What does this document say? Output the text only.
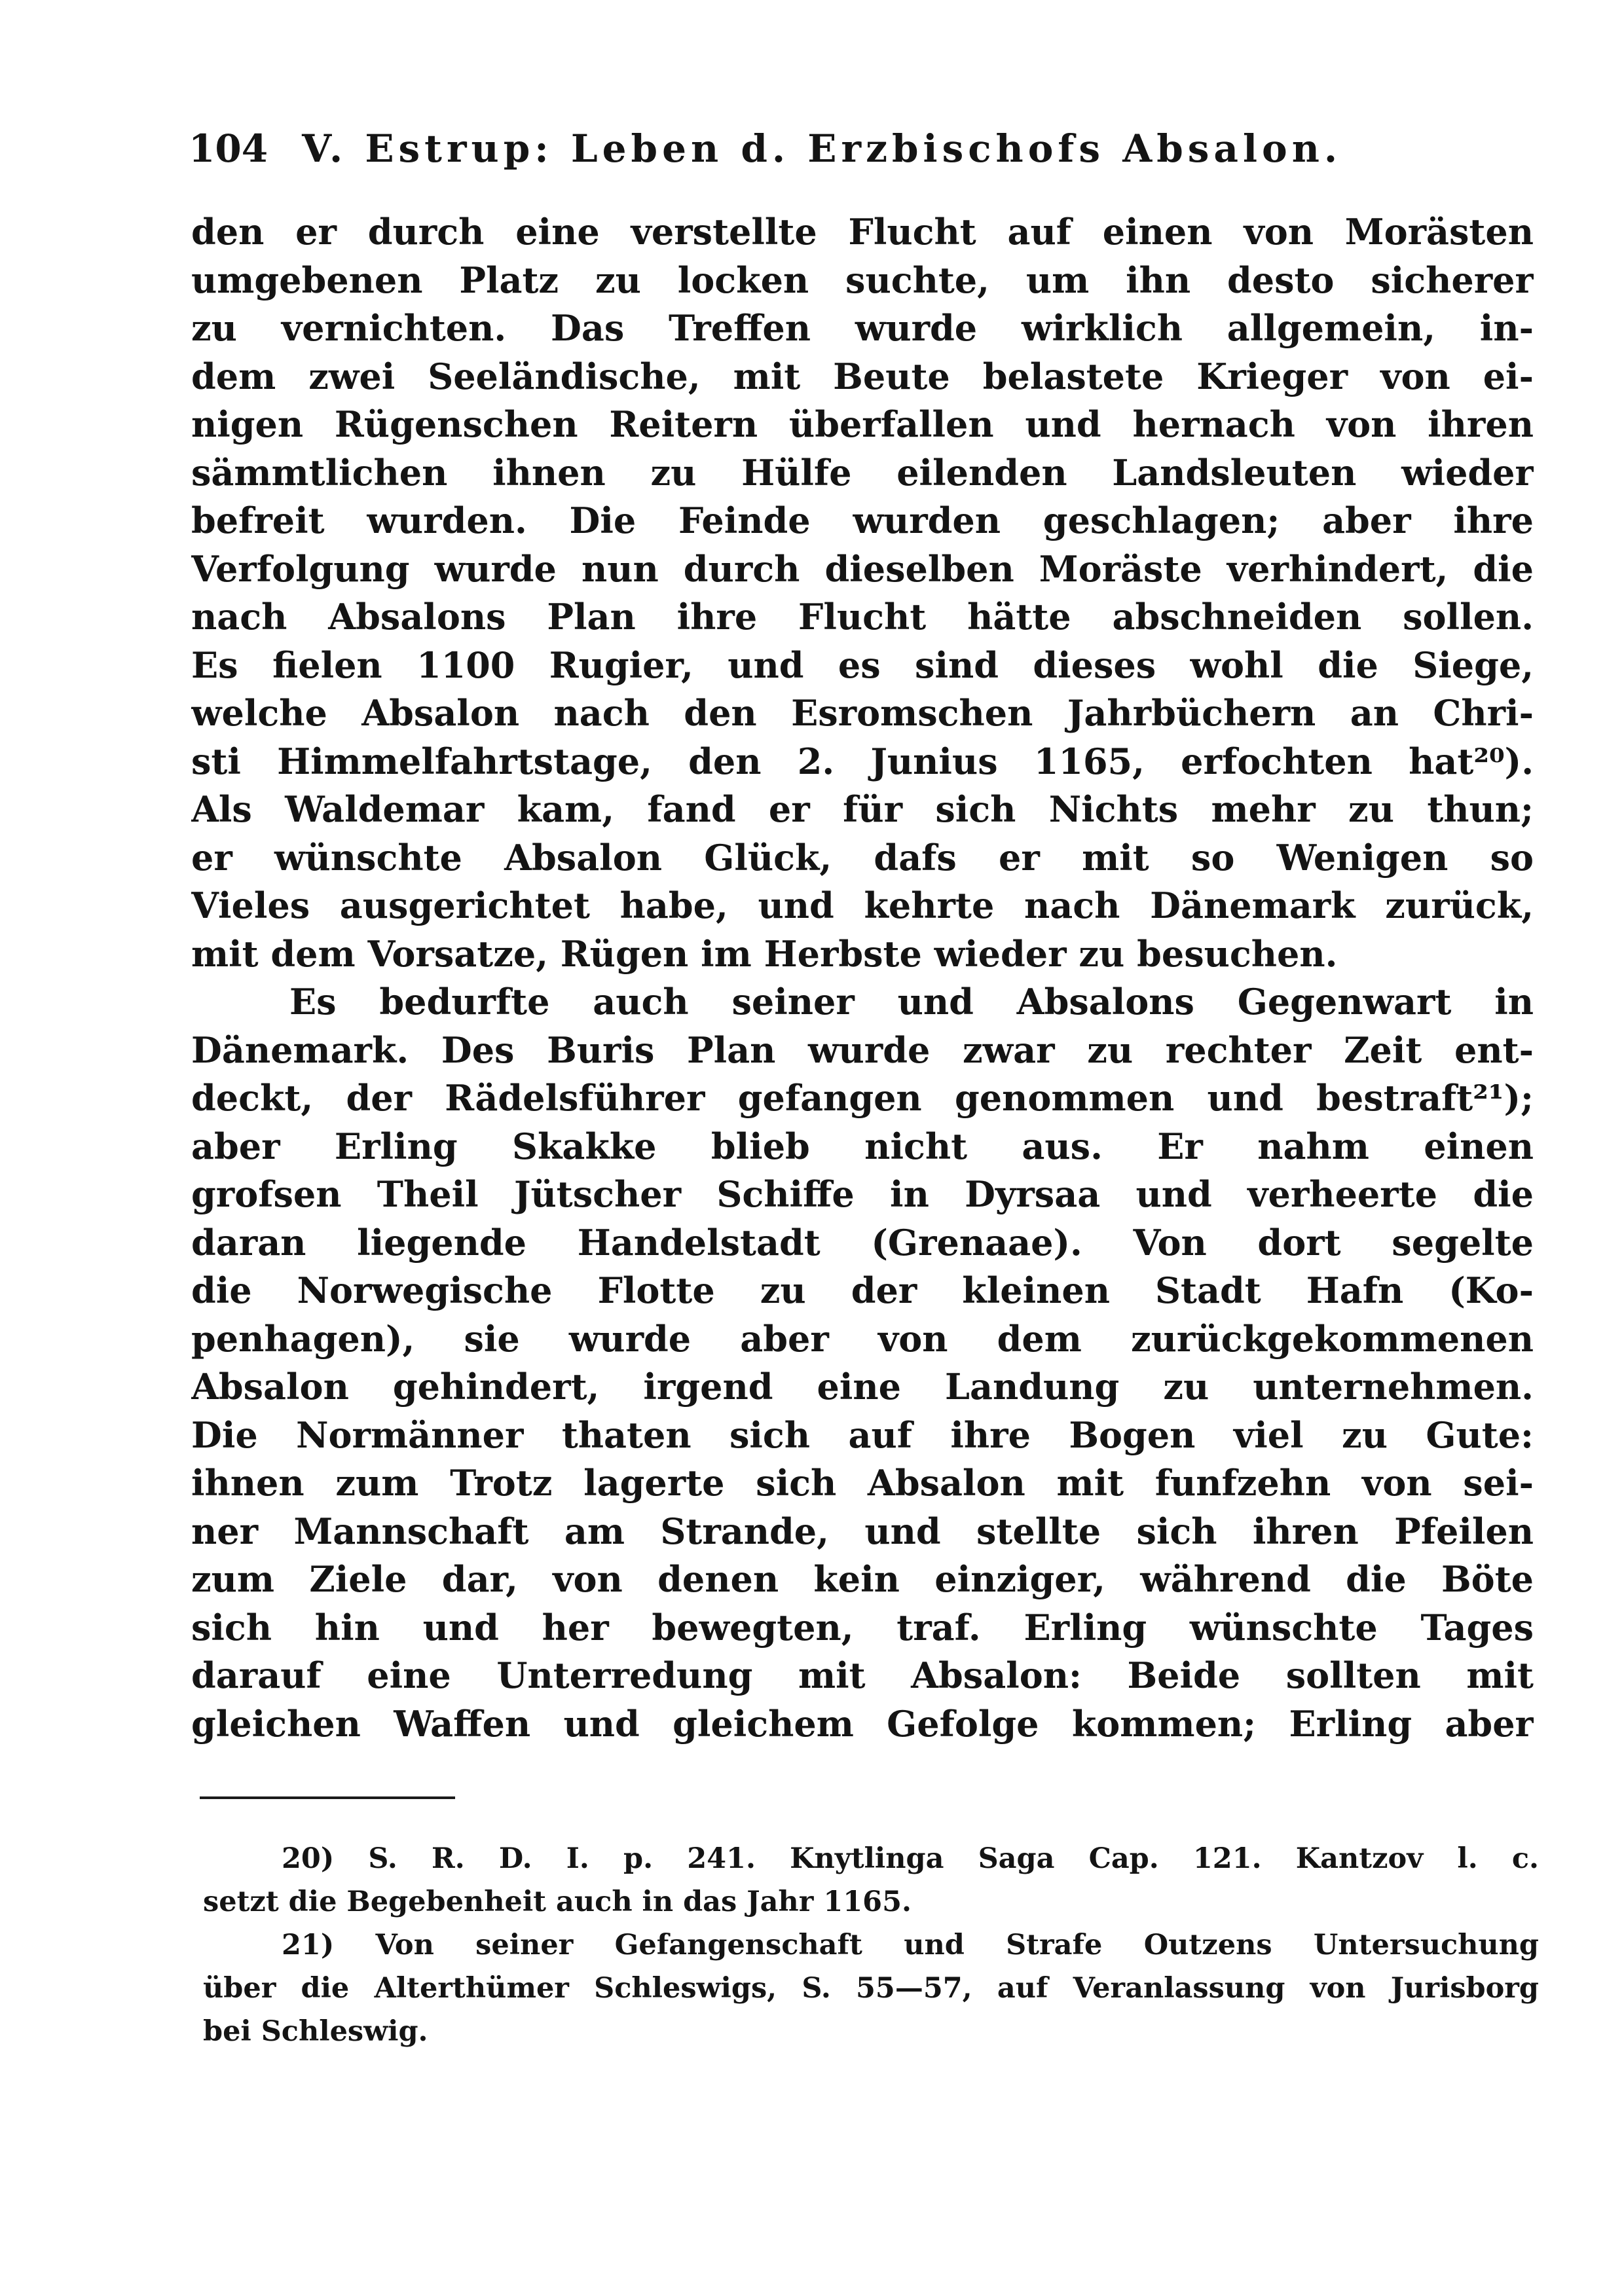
104 V. Estrup: Leben d. Erzbischofs Absalon.
den er durch eine verstellte Flucht auf einen von Morästen
umgebenen Platz zu locken suchte, um ihn desto sicherer
zu vernichten. Das Treffen wurde wirklich allgemein, in-
dem zwei Seeländische, mit Beute belastete Krieger von ei-
nigen Rügenschen Reitern überfallen und hernach von ihren
sämmtlichen ihnen zu Hülfe eilenden Landsleuten wieder
befreit wurden. Die Feinde wurden geschlagen; aber ihre
Verfolgung wurde nun durch dieselben Moräste verhindert, die
nach Absalons Plan ihre Flucht hätte abschneiden sollen.
Es fielen 1100 Rugier, und es sind dieses wohl die Siege,
welche Absalon nach den Esromschen Jahrbüchern an Chri-
sti Himmelfahrtstage, den 2. Junius 1165, erfochten hat²⁰).
Als Waldemar kam, fand er für sich Nichts mehr zu thun;
er wünschte Absalon Glück, dafs er mit so Wenigen so
Vieles ausgerichtet habe, und kehrte nach Dänemark zurück,
mit dem Vorsatze, Rügen im Herbste wieder zu besuchen.
Es bedurfte auch seiner und Absalons Gegenwart in
Dänemark. Des Buris Plan wurde zwar zu rechter Zeit ent-
deckt, der Rädelsführer gefangen genommen und bestraft²¹);
aber Erling Skakke blieb nicht aus. Er nahm einen
grofsen Theil Jütscher Schiffe in Dyrsaa und verheerte die
daran liegende Handelstadt (Grenaae). Von dort segelte
die Norwegische Flotte zu der kleinen Stadt Hafn (Ko-
penhagen), sie wurde aber von dem zurückgekommenen
Absalon gehindert, irgend eine Landung zu unternehmen.
Die Normänner thaten sich auf ihre Bogen viel zu Gute:
ihnen zum Trotz lagerte sich Absalon mit funfzehn von sei-
ner Mannschaft am Strande, und stellte sich ihren Pfeilen
zum Ziele dar, von denen kein einziger, während die Böte
sich hin und her bewegten, traf. Erling wünschte Tages
darauf eine Unterredung mit Absalon: Beide sollten mit
gleichen Waffen und gleichem Gefolge kommen; Erling aber
20) S. R. D. I. p. 241. Knytlinga Saga Cap. 121. Kantzov l. c.
setzt die Begebenheit auch in das Jahr 1165.
21) Von seiner Gefangenschaft und Strafe Outzens Untersuchung
über die Alterthümer Schleswigs, S. 55—57, auf Veranlassung von Jurisborg
bei Schleswig.
